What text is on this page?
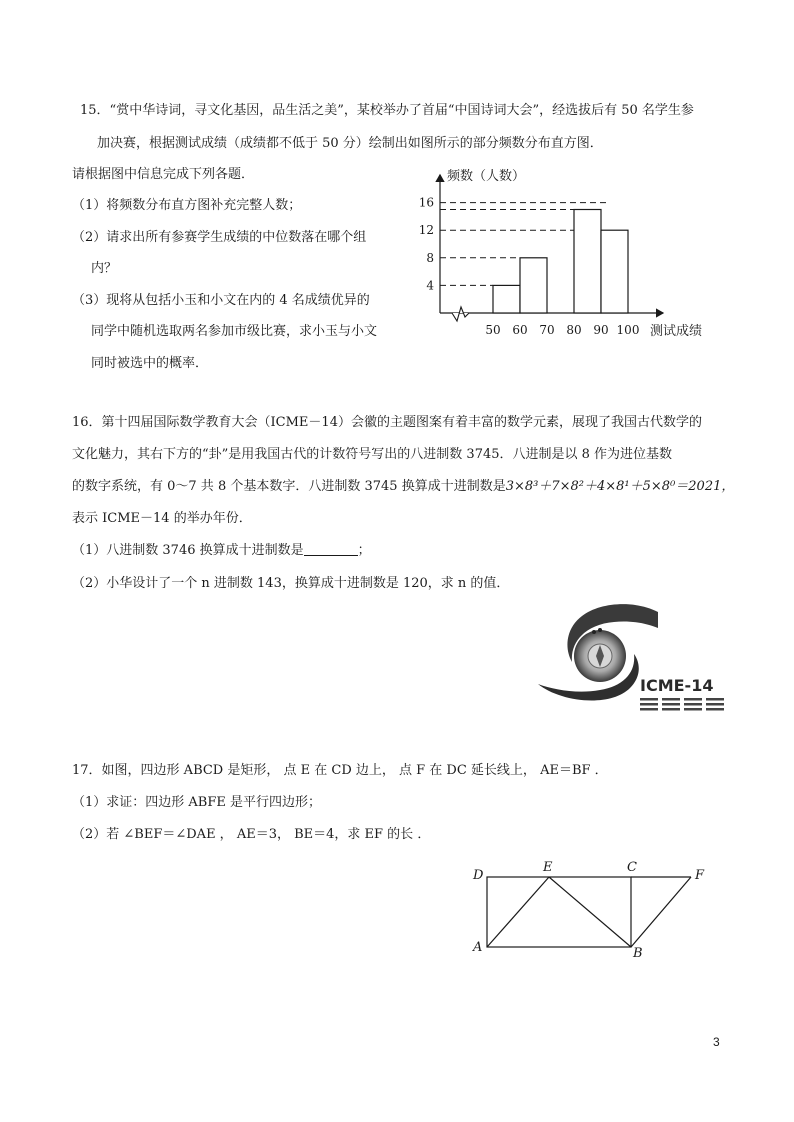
15．“赏中华诗词，寻文化基因，品生活之美”，某校举办了首届“中国诗词大会”，经选拔后有 50 名学生参
加决赛，根据测试成绩（成绩都不低于 50 分）绘制出如图所示的部分频数分布直方图．
请根据图中信息完成下列各题．
（1）将频数分布直方图补充完整人数；
（2）请求出所有参赛学生成绩的中位数落在哪个组
内？
（3）现将从包括小玉和小文在内的 4 名成绩优异的
同学中随机选取两名参加市级比赛，求小玉与小文
同时被选中的概率．
4
8
12
16
50 60 70 80 90 100
频数（人数）
测试成绩
16．第十四届国际数学教育大会（ICME－14）会徽的主题图案有着丰富的数学元素，展现了我国古代数学的
文化魅力，其右下方的“卦”是用我国古代的计数符号写出的八进制数 3745．八进制是以 8 作为进位基数
的数字系统，有 0～7 共 8 个基本数字．八进制数 3745 换算成十进制数是3×8³＋7×8²＋4×8¹＋5×8⁰＝2021，
表示 ICME－14 的举办年份．
（1）八进制数 3746 换算成十进制数是	；
（2）小华设计了一个 n 进制数 143，换算成十进制数是 120，求 n 的值．
ICME-14
17．如图，四边形 ABCD 是矩形， 点 E 在 CD 边上， 点 F 在 DC 延长线上， AE＝BF ．
（1）求证：四边形 ABFE 是平行四边形；
（2）若 ∠BEF＝∠DAE ， AE＝3， BE＝4，求 EF 的长 ．
D
E	C
F
A	B
3
